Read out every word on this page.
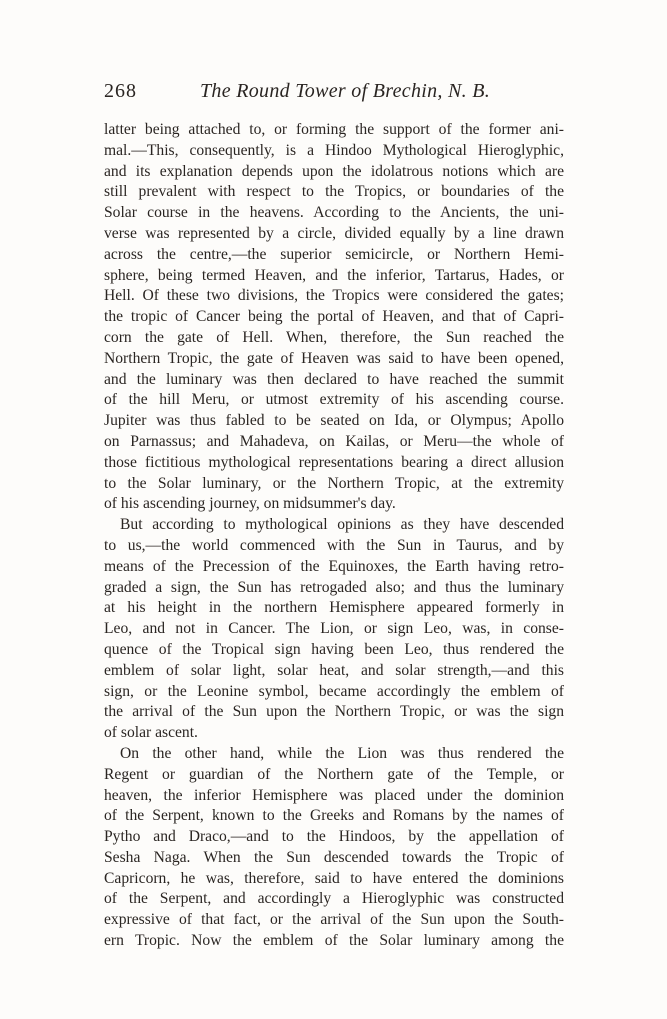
268	The Round Tower of Brechin, N. B.
latter being attached to, or forming the support of the former ani-
mal.—This, consequently, is a Hindoo Mythological Hieroglyphic,
and its explanation depends upon the idolatrous notions which are
still prevalent with respect to the Tropics, or boundaries of the
Solar course in the heavens. According to the Ancients, the uni-
verse was represented by a circle, divided equally by a line drawn
across the centre,—the superior semicircle, or Northern Hemi-
sphere, being termed Heaven, and the inferior, Tartarus, Hades, or
Hell. Of these two divisions, the Tropics were considered the gates;
the tropic of Cancer being the portal of Heaven, and that of Capri-
corn the gate of Hell. When, therefore, the Sun reached the
Northern Tropic, the gate of Heaven was said to have been opened,
and the luminary was then declared to have reached the summit
of the hill Meru, or utmost extremity of his ascending course.
Jupiter was thus fabled to be seated on Ida, or Olympus; Apollo
on Parnassus; and Mahadeva, on Kailas, or Meru—the whole of
those fictitious mythological representations bearing a direct allusion
to the Solar luminary, or the Northern Tropic, at the extremity
of his ascending journey, on midsummer's day.
But according to mythological opinions as they have descended
to us,—the world commenced with the Sun in Taurus, and by
means of the Precession of the Equinoxes, the Earth having retro-
graded a sign, the Sun has retrogaded also; and thus the luminary
at his height in the northern Hemisphere appeared formerly in
Leo, and not in Cancer. The Lion, or sign Leo, was, in conse-
quence of the Tropical sign having been Leo, thus rendered the
emblem of solar light, solar heat, and solar strength,—and this
sign, or the Leonine symbol, became accordingly the emblem of
the arrival of the Sun upon the Northern Tropic, or was the sign
of solar ascent.
On the other hand, while the Lion was thus rendered the
Regent or guardian of the Northern gate of the Temple, or
heaven, the inferior Hemisphere was placed under the dominion
of the Serpent, known to the Greeks and Romans by the names of
Pytho and Draco,—and to the Hindoos, by the appellation of
Sesha Naga. When the Sun descended towards the Tropic of
Capricorn, he was, therefore, said to have entered the dominions
of the Serpent, and accordingly a Hieroglyphic was constructed
expressive of that fact, or the arrival of the Sun upon the South-
ern Tropic. Now the emblem of the Solar luminary among the
